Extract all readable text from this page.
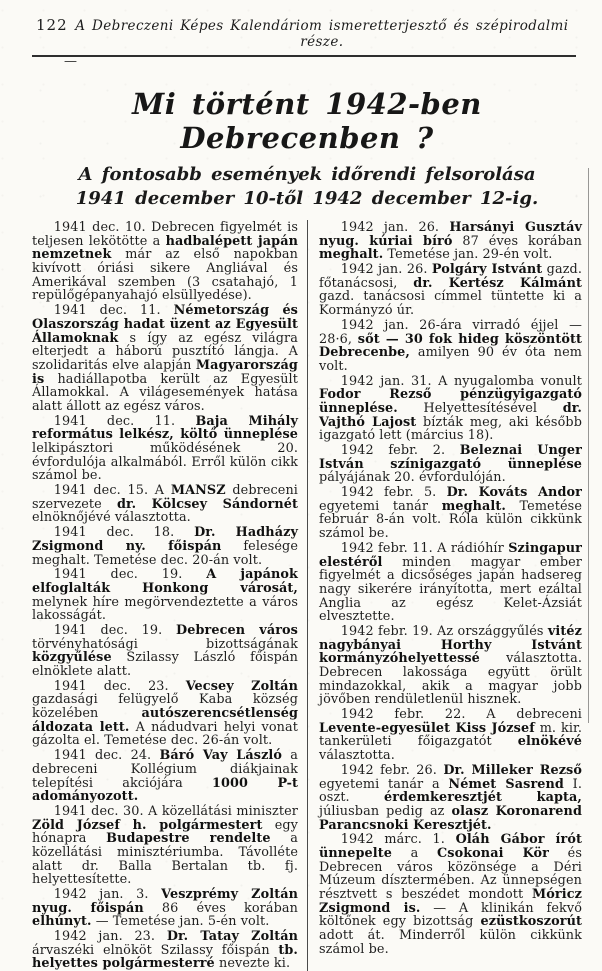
122 A Debreczeni Képes Kalendáriom ismeretterjesztő és szépirodalmi része.
—
Mi történt 1942-ben Debrecenben ?
A fontosabb események időrendi felsorolása
1941 december 10-től 1942 december 12-ig.

1941 dec. 10. Debrecen figyelmét is teljesen lekötötte a hadbalépett japán nemzetnek már az első napokban kivívott óriási sikere Angliával és Amerikával szemben (3 csatahajó, 1 repülőgépanyahajó elsüllyedése).

1941 dec. 11. Németország és Olaszország hadat üzent az Egyesült Államoknak s így az egész világra elterjedt a háború pusztító lángja. A szolidaritás elve alapján Magyarország is hadiállapotba került az Egyesült Államokkal. A világesemények hatása alatt állott az egész város.

1941 dec. 11. Baja Mihály református lelkész, költő ünneplése lelkipásztori működésének 20. évfordulója alkalmából. Erről külön cikk számol be.

1941 dec. 15. A MANSZ debreceni szervezete dr. Kölcsey Sándornét elnöknőjévé választotta.

1941 dec. 18. Dr. Hadházy Zsigmond ny. főispán felesége meghalt. Temetése dec. 20-án volt.

1941 dec. 19. A japánok elfoglalták Honkong városát, melynek híre megörvendeztette a város lakosságát.

1941 dec. 19. Debrecen város törvényhatósági bizottságának közgyűlése Szilassy László főispán elnöklete alatt.

1941 dec. 23. Vecsey Zoltán gazdasági felügyelő Kaba község közelében autószerencsétlenség áldozata lett. A nádudvari helyi vonat gázolta el. Temetése dec. 26-án volt.

1941 dec. 24. Báró Vay László a debreceni Kollégium diákjainak telepítési akciójára 1000 P-t adományozott.

1941 dec. 30. A közellátási miniszter Zöld József h. polgármestert egy hónapra Budapestre rendelte a közellátási minisztériumba. Távolléte alatt dr. Balla Bertalan tb. fj. helyettesítette.

1942 jan. 3. Veszprémy Zoltán nyug. főispán 86 éves korában elhúnyt. — Temetése jan. 5-én volt.

1942 jan. 23. Dr. Tatay Zoltán árvaszéki elnököt Szilassy főispán tb. helyettes polgármesterré nevezte ki.

1942 jan. 26. Harsányi Gusztáv nyug. kúriai bíró 87 éves korában meghalt. Temetése jan. 29-én volt.

1942 jan. 26. Polgáry Istvánt gazd. főtanácsosi, dr. Kertész Kálmánt gazd. tanácsosi címmel tüntette ki a Kormányzó úr.

1942 jan. 26-ára virradó éjjel — 28·6, sőt — 30 fok hideg köszöntött Debrecenbe, amilyen 90 év óta nem volt.

1942 jan. 31. A nyugalomba vonult Fodor Rezső pénzügyigazgató ünneplése. Helyettesítésével dr. Vajthó Lajost bízták meg, aki később igazgató lett (március 18).

1942 febr. 2. Beleznai Unger István színigazgató ünneplése pályájának 20. évfordulóján.

1942 febr. 5. Dr. Kováts Andor egyetemi tanár meghalt. Temetése február 8-án volt. Róla külön cikkünk számol be.

1942 febr. 11. A rádióhír Szingapur elestéről minden magyar ember figyelmét a dicsőséges japán hadsereg nagy sikerére irányította, mert ezáltal Anglia az egész Kelet-Ázsiát elvesztette.

1942 febr. 19. Az országgyűlés vitéz nagybányai Horthy Istvánt kormányzóhelyettessé választotta. Debrecen lakossága együtt örült mindazokkal, akik a magyar jobb jövőben rendületlenül hisznek.

1942 febr. 22. A debreceni Levente-egyesület Kiss József m. kir. tankerületi főigazgatót elnökévé választotta.

1942 febr. 26. Dr. Milleker Rezső egyetemi tanár a Német Sasrend I. oszt. érdemkeresztjét kapta, júliusban pedig az olasz Koronarend Parancsnoki Keresztjét.

1942 márc. 1. Oláh Gábor írót ünnepelte a Csokonai Kör és Debrecen város közönsége a Déri Múzeum dísztermében. Az ünnepségen résztvett s beszédet mondott Móricz Zsigmond is. — A klinikán fekvő költőnek egy bizottság ezüstkoszorút adott át. Minderről külön cikkünk számol be.
